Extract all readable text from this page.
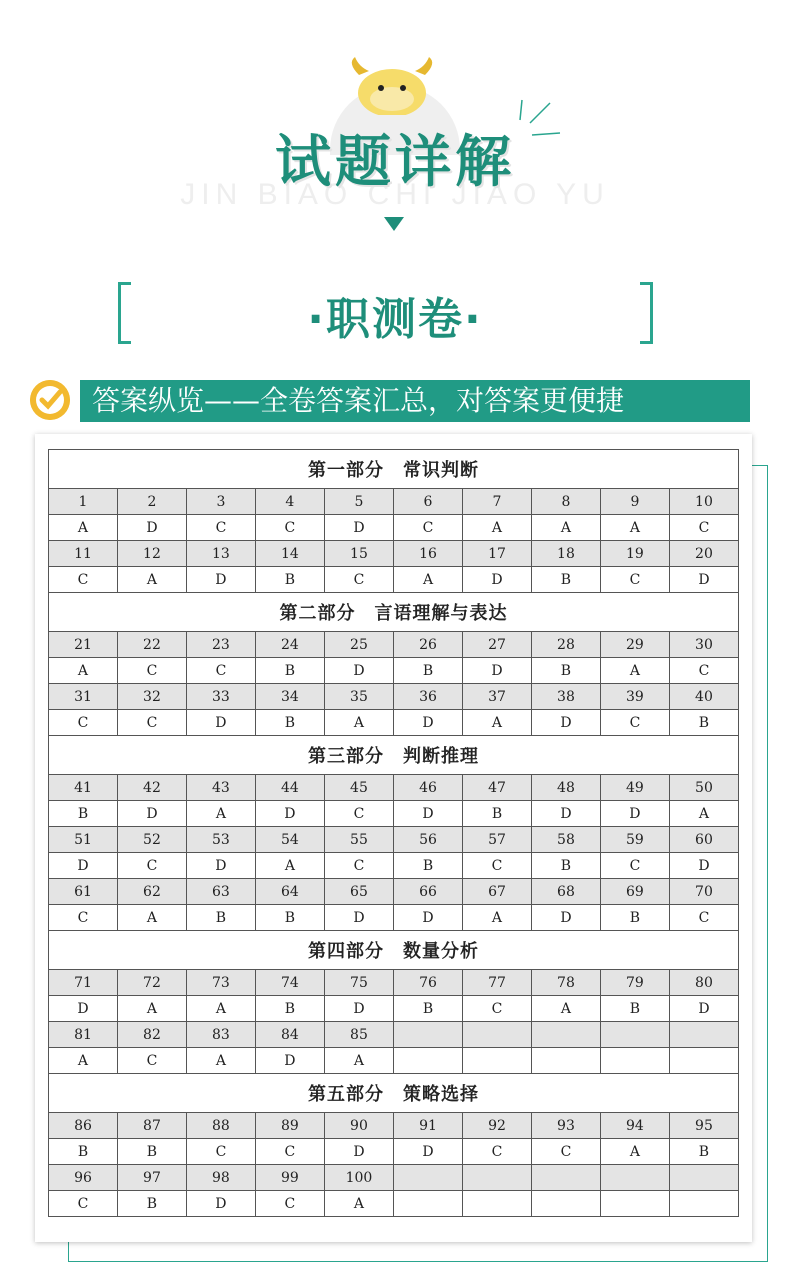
JIN BIAO CHI JIAO YU
试题详解
·职测卷·
答案纵览——全卷答案汇总，对答案更便捷
第一部分　常识判断									
1	2	3	4	5	6	7	8	9	10
A	D	C	C	D	C	A	A	A	C
11	12	13	14	15	16	17	18	19	20
C	A	D	B	C	A	D	B	C	D
第二部分　言语理解与表达									
21	22	23	24	25	26	27	28	29	30
A	C	C	B	D	B	D	B	A	C
31	32	33	34	35	36	37	38	39	40
C	C	D	B	A	D	A	D	C	B
第三部分　判断推理									
41	42	43	44	45	46	47	48	49	50
B	D	A	D	C	D	B	D	D	A
51	52	53	54	55	56	57	58	59	60
D	C	D	A	C	B	C	B	C	D
61	62	63	64	65	66	67	68	69	70
C	A	B	B	D	D	A	D	B	C
第四部分　数量分析									
71	72	73	74	75	76	77	78	79	80
D	A	A	B	D	B	C	A	B	D
81	82	83	84	85					
A	C	A	D	A					
第五部分　策略选择									
86	87	88	89	90	91	92	93	94	95
B	B	C	C	D	D	C	C	A	B
96	97	98	99	100					
C	B	D	C	A					
